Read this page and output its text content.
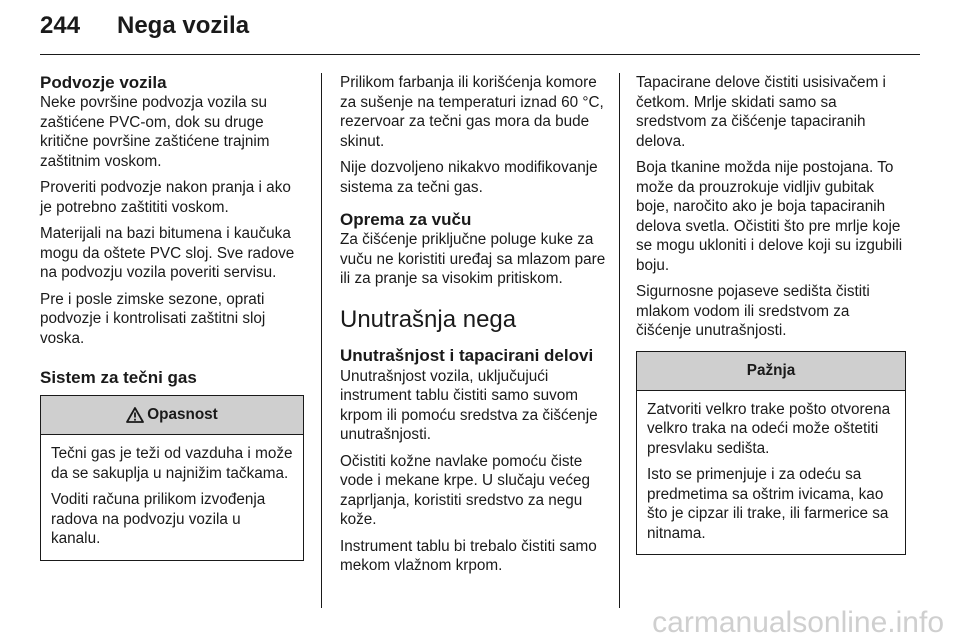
244 Nega vozila
Podvozje vozila

Neke površine podvozja vozila su zaštićene PVC-om, dok su druge kritične površine zaštićene trajnim zaštitnim voskom.

Proveriti podvozje nakon pranja i ako je potrebno zaštititi voskom.

Materijali na bazi bitumena i kaučuka mogu da oštete PVC sloj. Sve radove na podvozju vozila poveriti servisu.

Pre i posle zimske sezone, oprati podvozje i kontrolisati zaštitni sloj voska.

Sistem za tečni gas
Opasnost

Tečni gas je teži od vazduha i može da se sakuplja u najnižim tačkama.

Voditi računa prilikom izvođenja radova na podvozju vozila u kanalu.

Prilikom farbanja ili korišćenja komore za sušenje na temperaturi iznad 60 °C, rezervoar za tečni gas mora da bude skinut.

Nije dozvoljeno nikakvo modifikovanje sistema za tečni gas.

Oprema za vuču

Za čišćenje priključne poluge kuke za vuču ne koristiti uređaj sa mlazom pare ili za pranje sa visokim pritiskom.

Unutrašnja nega
Unutrašnjost i tapacirani delovi

Unutrašnjost vozila, uključujući instrument tablu čistiti samo suvom krpom ili pomoću sredstva za čišćenje unutrašnjosti.

Očistiti kožne navlake pomoću čiste vode i mekane krpe. U slučaju većeg zaprljanja, koristiti sredstvo za negu kože.

Instrument tablu bi trebalo čistiti samo mekom vlažnom krpom.

Tapacirane delove čistiti usisivačem i četkom. Mrlje skidati samo sa sredstvom za čišćenje tapaciranih delova.

Boja tkanine možda nije postojana. To može da prouzrokuje vidljiv gubitak boje, naročito ako je boja tapaciranih delova svetla. Očistiti što pre mrlje koje se mogu ukloniti i delove koji su izgubili boju.

Sigurnosne pojaseve sedišta čistiti mlakom vodom ili sredstvom za čišćenje unutrašnjosti.

Pažnja

Zatvoriti velkro trake pošto otvorena velkro traka na odeći može oštetiti presvlaku sedišta.

Isto se primenjuje i za odeću sa predmetima sa oštrim ivicama, kao što je cipzar ili trake, ili farmerice sa nitnama.

carmanualsonline.info
